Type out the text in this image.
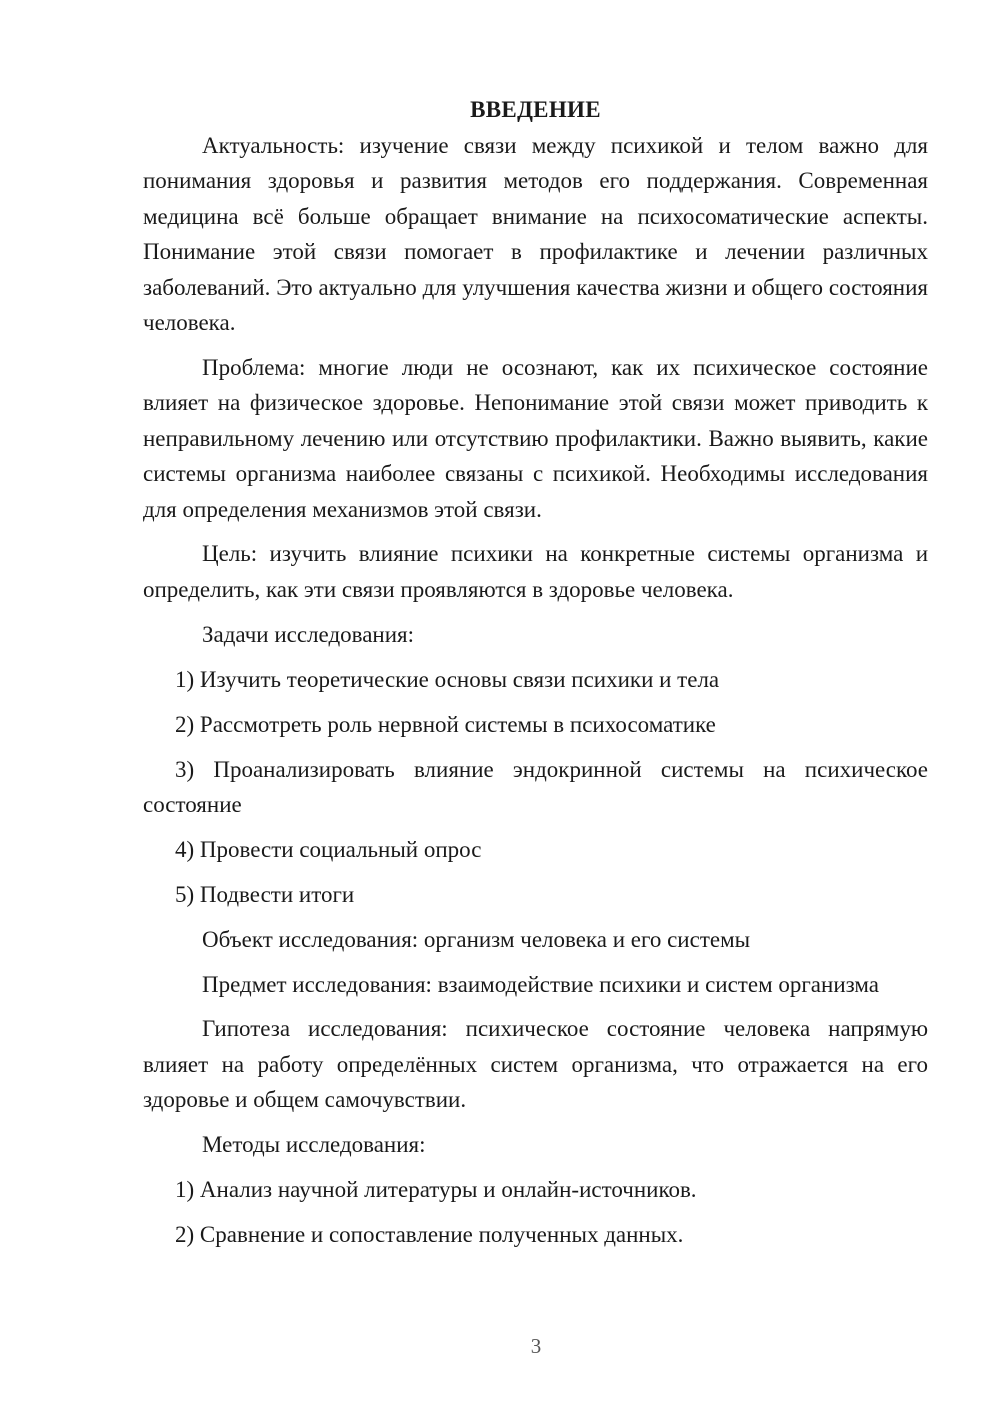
ВВЕДЕНИЕ

Актуальность: изучение связи между психикой и телом важно для понимания здоровья и развития методов его поддержания. Современная медицина всё больше обращает внимание на психосоматические аспекты. Понимание этой связи помогает в профилактике и лечении различных заболеваний. Это актуально для улучшения качества жизни и общего состояния человека.

Проблема: многие люди не осознают, как их психическое состояние влияет на физическое здоровье. Непонимание этой связи может приводить к неправильному лечению или отсутствию профилактики. Важно выявить, какие системы организма наиболее связаны с психикой. Необходимы исследования для определения механизмов этой связи.

Цель: изучить влияние психики на конкретные системы организма и определить, как эти связи проявляются в здоровье человека.

Задачи исследования:

1) Изучить теоретические основы связи психики и тела

2) Рассмотреть роль нервной системы в психосоматике

3) Проанализировать влияние эндокринной системы на психическое состояние

4) Провести социальный опрос

5) Подвести итоги

Объект исследования: организм человека и его системы

Предмет исследования: взаимодействие психики и систем организма

Гипотеза исследования: психическое состояние человека напрямую влияет на работу определённых систем организма, что отражается на его здоровье и общем самочувствии.

Методы исследования:

1) Анализ научной литературы и онлайн-источников.

2) Сравнение и сопоставление полученных данных.

3
